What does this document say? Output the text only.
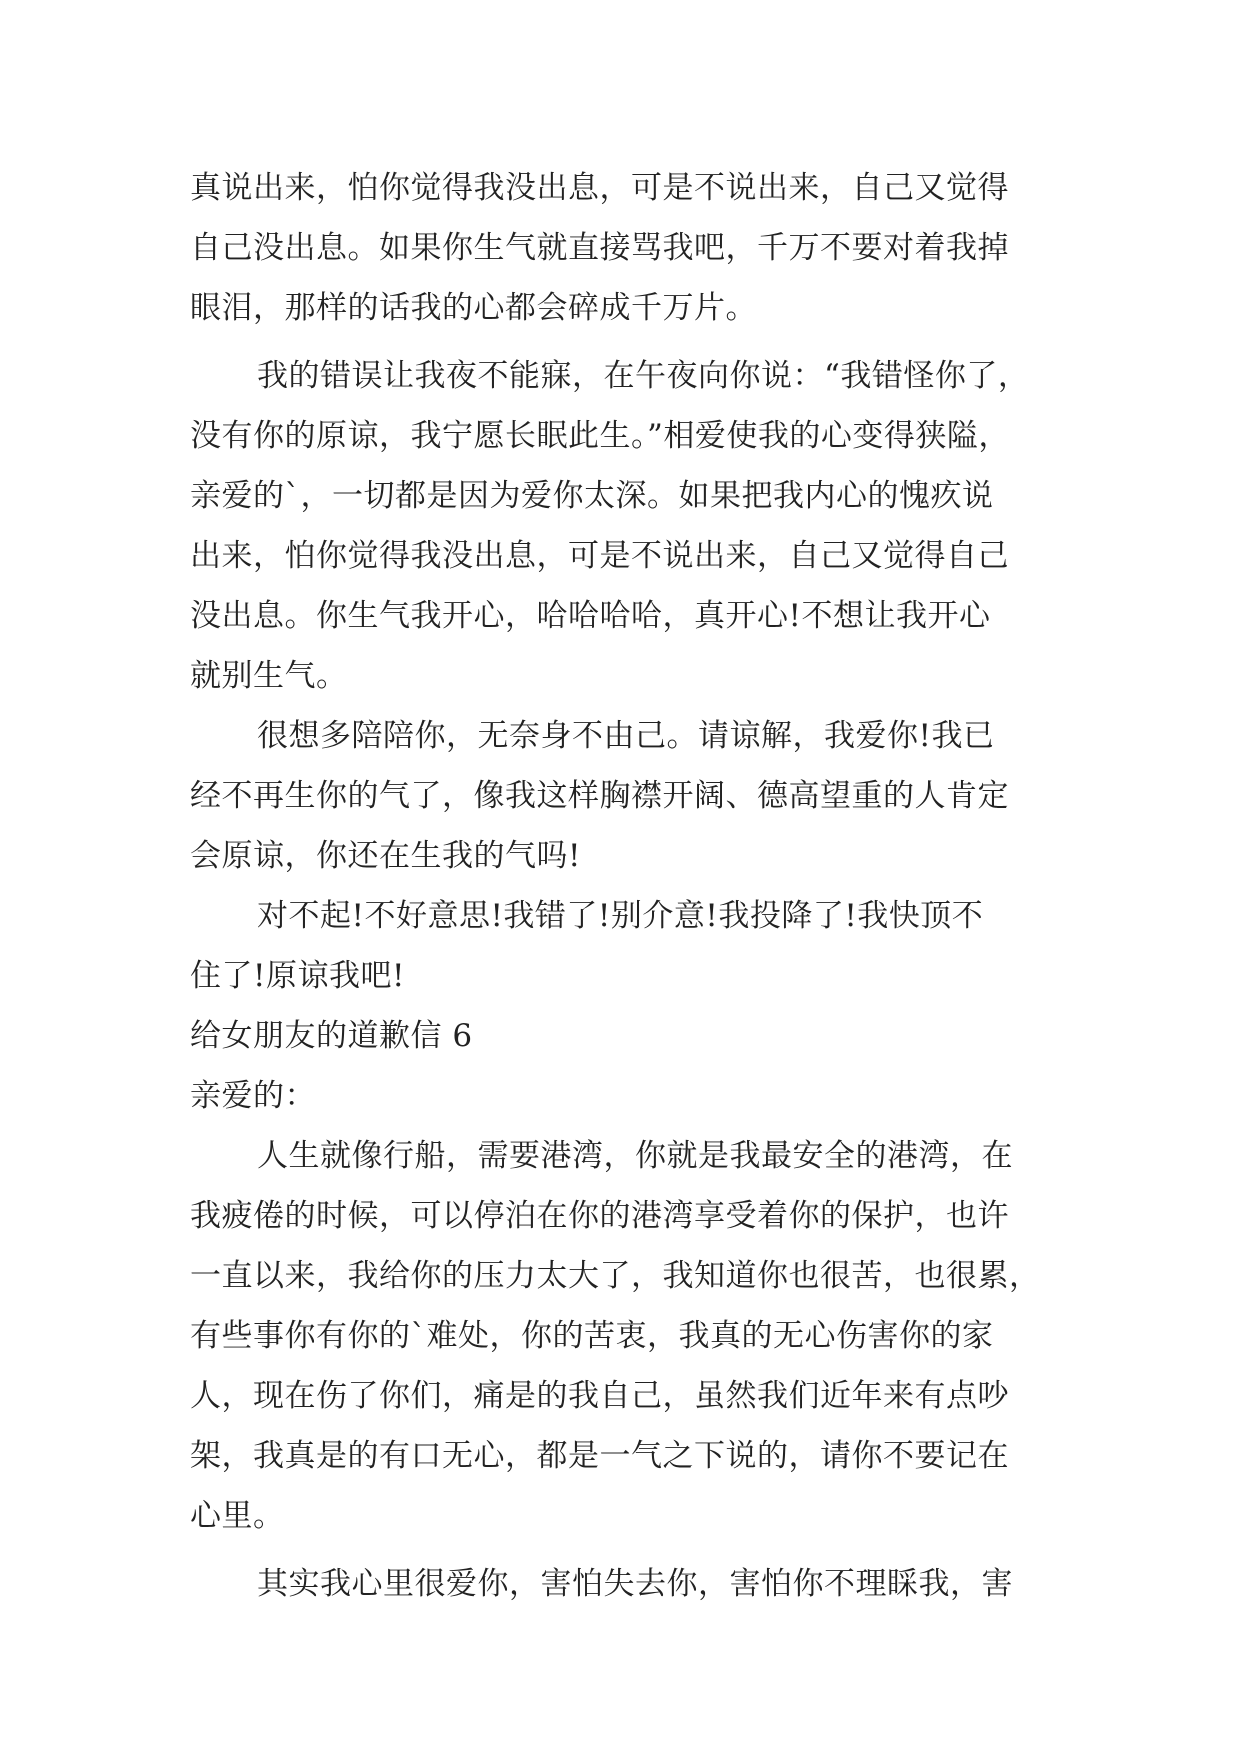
真说出来，怕你觉得我没出息，可是不说出来，自己又觉得
自己没出息。如果你生气就直接骂我吧，千万不要对着我掉
眼泪，那样的话我的心都会碎成千万片。
我的错误让我夜不能寐，在午夜向你说：“我错怪你了，
没有你的原谅，我宁愿长眠此生。”相爱使我的心变得狭隘，
亲爱的`，一切都是因为爱你太深。如果把我内心的愧疚说
出来，怕你觉得我没出息，可是不说出来，自己又觉得自己
没出息。你生气我开心，哈哈哈哈，真开心!不想让我开心
就别生气。
很想多陪陪你，无奈身不由己。请谅解，我爱你!我已
经不再生你的气了，像我这样胸襟开阔、德高望重的人肯定
会原谅，你还在生我的气吗!
对不起!不好意思!我错了!别介意!我投降了!我快顶不
住了!原谅我吧!
给女朋友的道歉信 6
亲爱的：
人生就像行船，需要港湾，你就是我最安全的港湾，在
我疲倦的时候，可以停泊在你的港湾享受着你的保护，也许
一直以来，我给你的压力太大了，我知道你也很苦，也很累，
有些事你有你的`难处，你的苦衷，我真的无心伤害你的家
人，现在伤了你们，痛是的我自己，虽然我们近年来有点吵
架，我真是的有口无心，都是一气之下说的，请你不要记在
心里。
其实我心里很爱你，害怕失去你，害怕你不理睬我，害
